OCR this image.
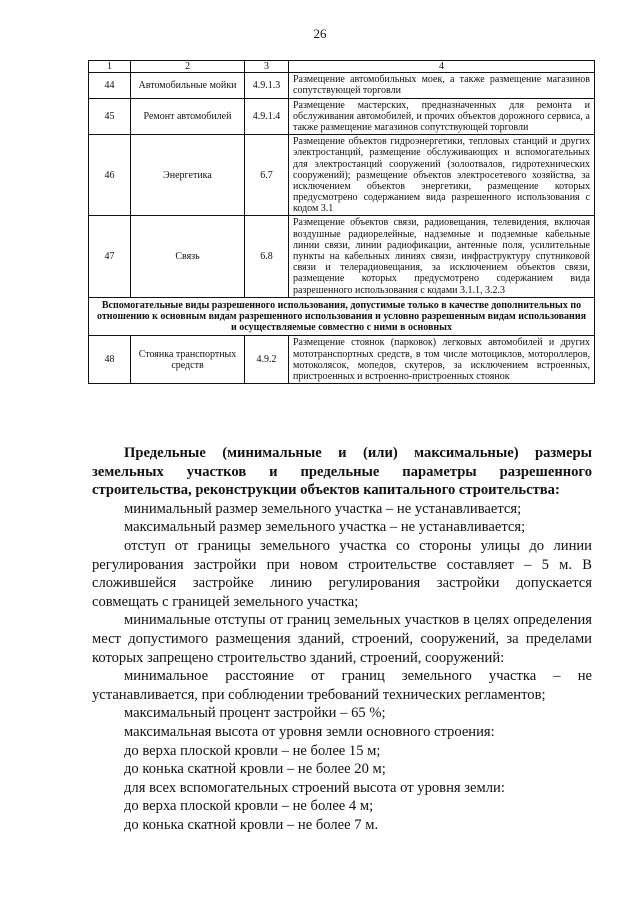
26
1	2	3	4
44	Автомобильные мойки	4.9.1.3	Размещение автомобильных моек, а также размещение магазинов сопутствующей торговли
45	Ремонт автомобилей	4.9.1.4	Размещение мастерских, предназначенных для ремонта и обслуживания автомобилей, и прочих объектов дорожного сервиса, а также размещение магазинов сопутствующей торговли
46	Энергетика	6.7	Размещение объектов гидроэнергетики, тепловых станций и других электростанций, размещение обслуживающих и вспомогательных для электростанций сооружений (золоотвалов, гидротехнических сооружений); размещение объектов электросетевого хозяйства, за исключением объектов энергетики, размещение которых предусмотрено содержанием вида разрешенного использования с кодом 3.1
47	Связь	6.8	Размещение объектов связи, радиовещания, телевидения, включая воздушные радиорелейные, надземные и подземные кабельные линии связи, линии радиофикации, антенные поля, усилительные пункты на кабельных линиях связи, инфраструктуру спутниковой связи и телерадиовещания, за исключением объектов связи, размещение которых предусмотрено содержанием вида разрешенного использования с кодами 3.1.1, 3.2.3
Вспомогательные виды разрешенного использования, допустимые только в качестве дополнительных по отношению к основным видам разрешенного использования и условно разрешенным видам использования и осуществляемые совместно с ними в основных			
48	Стоянка транспортных средств	4.9.2	Размещение стоянок (парковок) легковых автомобилей и других мототранспортных средств, в том числе мотоциклов, мотороллеров, мотоколясок, мопедов, скутеров, за исключением встроенных, пристроенных и встроенно-пристроенных стоянок

Предельные (минимальные и (или) максимальные) размеры земельных участков и предельные параметры разрешенного строительства, реконструкции объектов капитального строительства:

минимальный размер земельного участка – не устанавливается;

максимальный размер земельного участка – не устанавливается;

отступ от границы земельного участка со стороны улицы до линии регулирования застройки при новом строительстве составляет – 5 м. В сложившейся застройке линию регулирования застройки допускается совмещать с границей земельного участка;

минимальные отступы от границ земельных участков в целях определения мест допустимого размещения зданий, строений, сооружений, за пределами которых запрещено строительство зданий, строений, сооружений:

минимальное расстояние от границ земельного участка – не устанавливается, при соблюдении требований технических регламентов;

максимальный процент застройки – 65 %;

максимальная высота от уровня земли основного строения:

до верха плоской кровли – не более 15 м;

до конька скатной кровли – не более 20 м;

для всех вспомогательных строений высота от уровня земли:

до верха плоской кровли – не более 4 м;

до конька скатной кровли – не более 7 м.
